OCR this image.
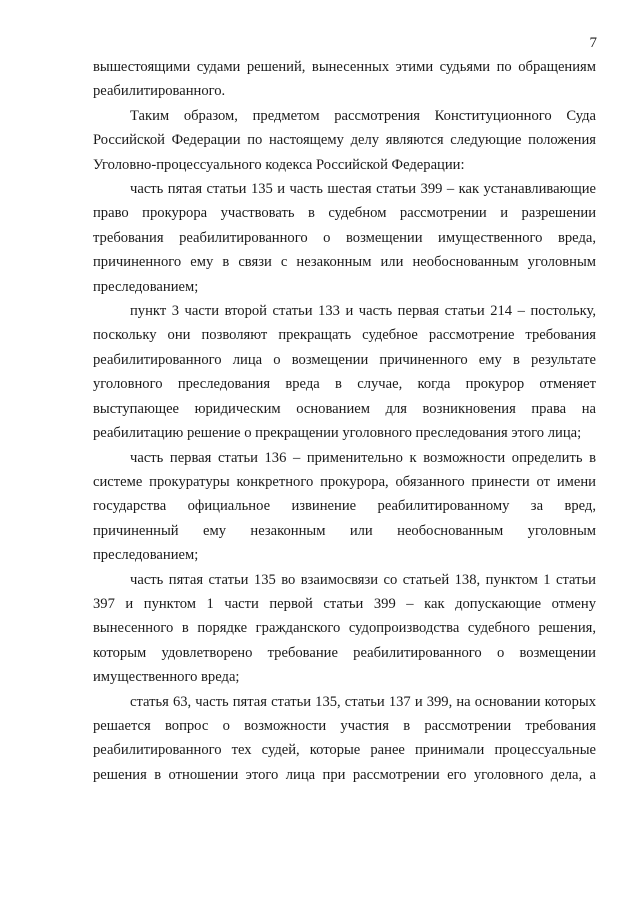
7

вышестоящими судами решений, вынесенных этими судьями по обращениям реабилитированного.

Таким образом, предметом рассмотрения Конституционного Суда Российской Федерации по настоящему делу являются следующие положения Уголовно-процессуального кодекса Российской Федерации:

часть пятая статьи 135 и часть шестая статьи 399 – как устанавливающие право прокурора участвовать в судебном рассмотрении и разрешении требования реабилитированного о возмещении имущественного вреда, причиненного ему в связи с незаконным или необоснованным уголовным преследованием;

пункт 3 части второй статьи 133 и часть первая статьи 214 – постольку, поскольку они позволяют прекращать судебное рассмотрение требования реабилитированного лица о возмещении причиненного ему в результате уголовного преследования вреда в случае, когда прокурор отменяет выступающее юридическим основанием для возникновения права на реабилитацию решение о прекращении уголовного преследования этого лица;

часть первая статьи 136 – применительно к возможности определить в системе прокуратуры конкретного прокурора, обязанного принести от имени государства официальное извинение реабилитированному за вред, причиненный ему незаконным или необоснованным уголовным преследованием;

часть пятая статьи 135 во взаимосвязи со статьей 138, пунктом 1 статьи 397 и пунктом 1 части первой статьи 399 – как допускающие отмену вынесенного в порядке гражданского судопроизводства судебного решения, которым удовлетворено требование реабилитированного о возмещении имущественного вреда;

статья 63, часть пятая статьи 135, статьи 137 и 399, на основании которых решается вопрос о возможности участия в рассмотрении требования реабилитированного тех судей, которые ранее принимали процессуальные решения в отношении этого лица при рассмотрении его уголовного дела, а
